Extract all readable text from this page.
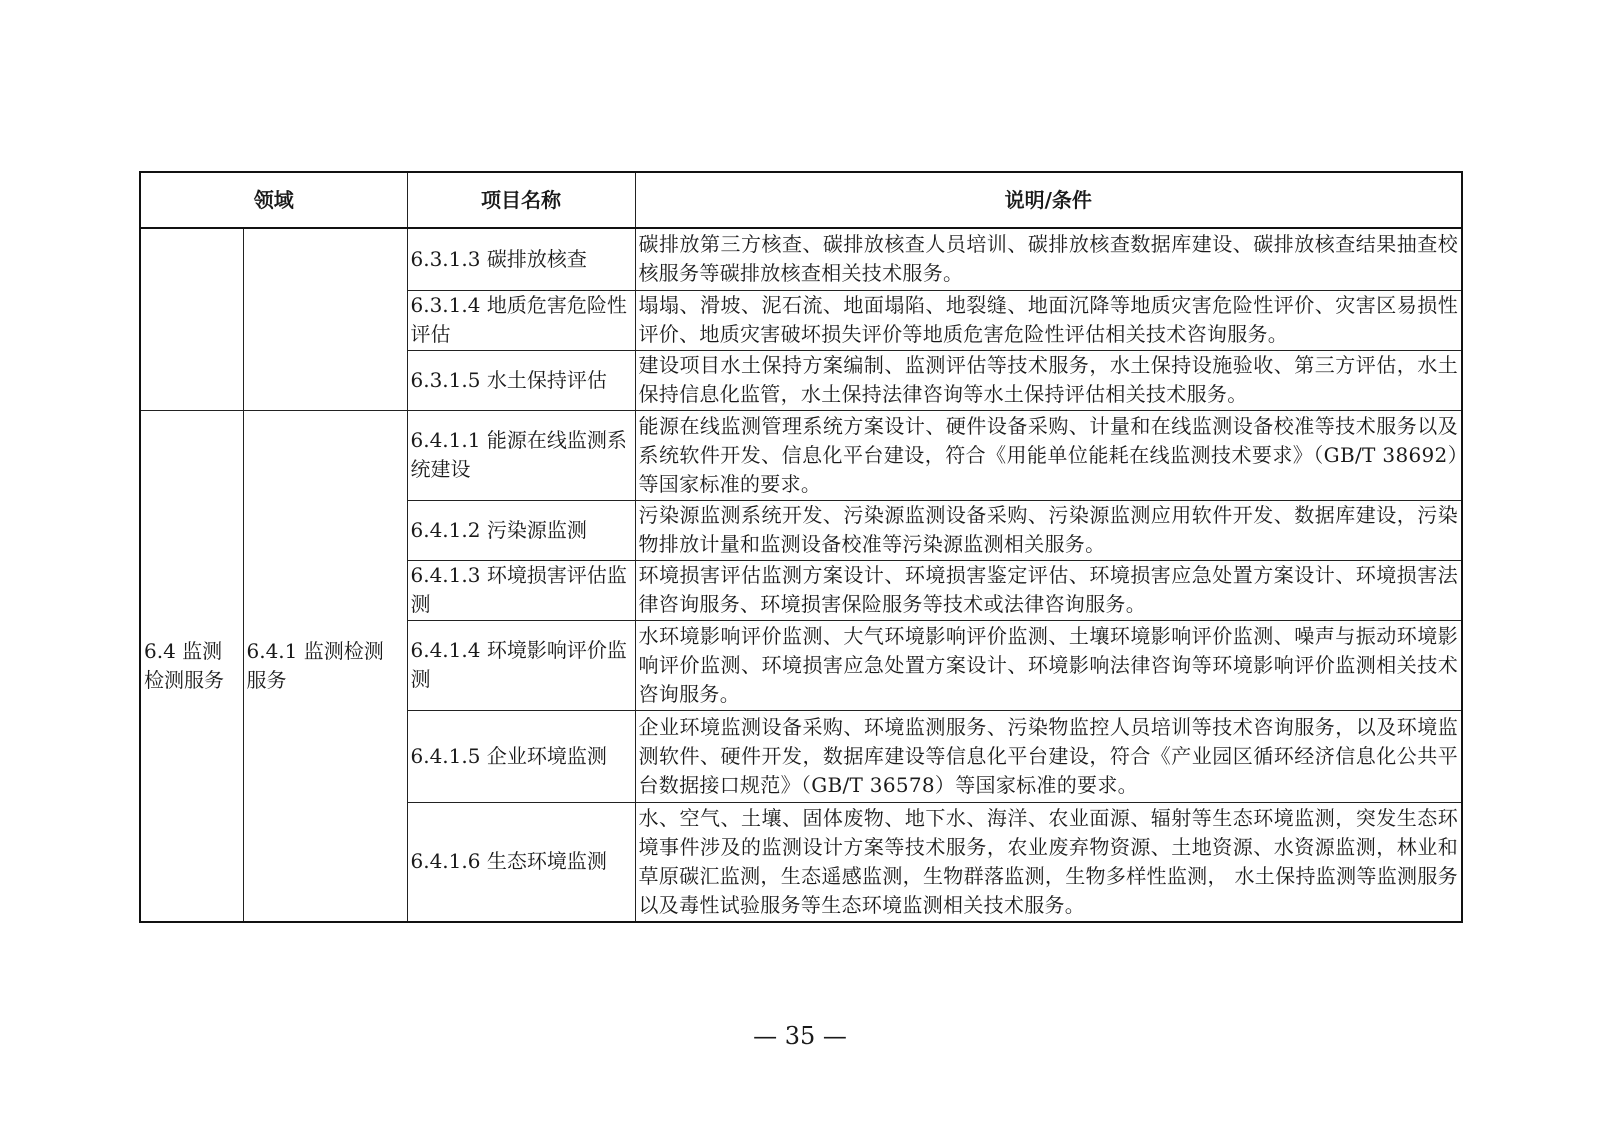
领域		项目名称	说明/条件
		6.3.1.3 碳排放核查	碳排放第三方核查、碳排放核查人员培训、碳排放核查数据库建设、碳排放核查结果抽查校核服务等碳排放核查相关技术服务。
		6.3.1.4 地质危害危险性评估	塌塌、滑坡、泥石流、地面塌陷、地裂缝、地面沉降等地质灾害危险性评价、灾害区易损性评价、地质灾害破坏损失评价等地质危害危险性评估相关技术咨询服务。
		6.3.1.5 水土保持评估	建设项目水土保持方案编制、监测评估等技术服务，水土保持设施验收、第三方评估，水土保持信息化监管，水土保持法律咨询等水土保持评估相关技术服务。
6.4 监测检测服务	6.4.1 监测检测服务	6.4.1.1 能源在线监测系统建设	能源在线监测管理系统方案设计、硬件设备采购、计量和在线监测设备校准等技术服务以及系统软件开发、信息化平台建设，符合《用能单位能耗在线监测技术要求》（GB/T 38692）等国家标准的要求。
		6.4.1.2 污染源监测	污染源监测系统开发、污染源监测设备采购、污染源监测应用软件开发、数据库建设，污染物排放计量和监测设备校准等污染源监测相关服务。
		6.4.1.3 环境损害评估监测	环境损害评估监测方案设计、环境损害鉴定评估、环境损害应急处置方案设计、环境损害法律咨询服务、环境损害保险服务等技术或法律咨询服务。
		6.4.1.4 环境影响评价监测	水环境影响评价监测、大气环境影响评价监测、土壤环境影响评价监测、噪声与振动环境影响评价监测、环境损害应急处置方案设计、环境影响法律咨询等环境影响评价监测相关技术咨询服务。
		6.4.1.5 企业环境监测	企业环境监测设备采购、环境监测服务、污染物监控人员培训等技术咨询服务，以及环境监测软件、硬件开发，数据库建设等信息化平台建设，符合《产业园区循环经济信息化公共平台数据接口规范》（GB/T 36578）等国家标准的要求。
		6.4.1.6 生态环境监测	水、空气、土壤、固体废物、地下水、海洋、农业面源、辐射等生态环境监测，突发生态环境事件涉及的监测设计方案等技术服务，农业废弃物资源、土地资源、水资源监测，林业和草原碳汇监测，生态遥感监测，生物群落监测，生物多样性监测， 水土保持监测等监测服务以及毒性试验服务等生态环境监测相关技术服务。
— 35 —
